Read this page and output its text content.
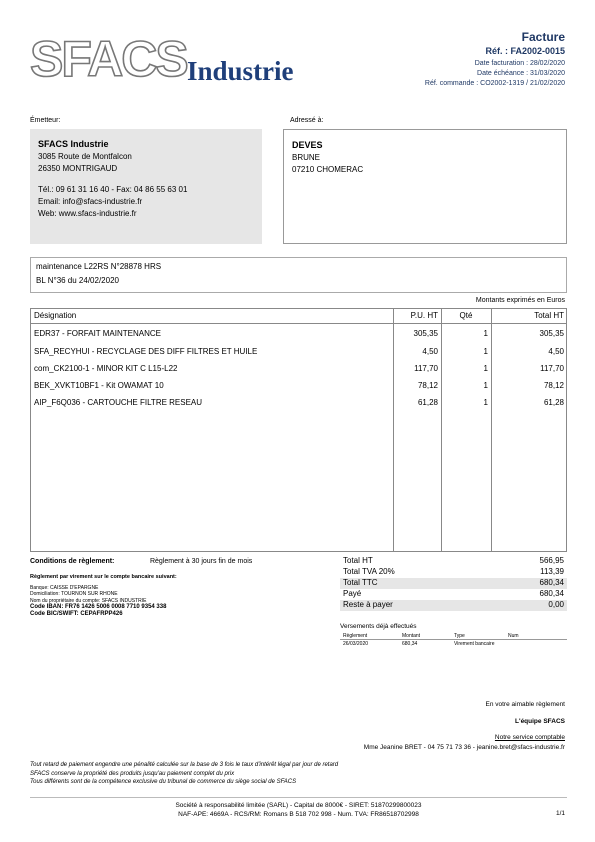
SFACS Industrie
Facture
Réf. : FA2002-0015
Date facturation : 28/02/2020
Date échéance : 31/03/2020
Réf. commande : CO2002-1319 / 21/02/2020
Émetteur:	Adressé à:
SFACS Industrie
3085 Route de Montfalcon
26350 MONTRIGAUD
Tél.: 09 61 31 16 40 - Fax: 04 86 55 63 01
Email: info@sfacs-industrie.fr
Web: www.sfacs-industrie.fr
DEVES
BRUNE
07210 CHOMERAC
maintenance L22RS N°28878 HRS
BL N°36 du 24/02/2020
Montants exprimés en Euros
Désignation	P.U. HT	Qté	Total HT
EDR37 - FORFAIT MAINTENANCE	305,35	1	305,35
SFA_RECYHUI - RECYCLAGE DES DIFF FILTRES ET HUILE	4,50	1	4,50
com_CK2100-1 - MINOR KIT C L15-L22	117,70	1	117,70
BEK_XVKT10BF1 - Kit OWAMAT 10	78,12	1	78,12
AIP_F6Q036 - CARTOUCHE FILTRE RESEAU	61,28	1	61,28
Conditions de règlement:	Règlement à 30 jours fin de mois
Règlement par virement sur le compte bancaire suivant:
Banque: CAISSE D'EPARGNE
Domiciliation: TOURNON SUR RHONE
Nom du propriétaire du compte: SFACS INDUSTRIE
Code IBAN: FR76 1426 5006 0008 7710 9354 338
Code BIC/SWIFT: CEPAFRPP426
Total HT	566,95
Total TVA 20%	113,39
Total TTC	680,34
Payé	680,34
Reste à payer	0,00
Versements déjà effectués
Règlement	Montant	Type	Num
26/03/2020	680,34	Virement bancaire
En votre aimable règlement
L'équipe SFACS
Notre service comptable
Mme Jeanine BRET - 04 75 71 73 36 - jeanine.bret@sfacs-industrie.fr
Tout retard de paiement engendre une pénalité calculée sur la base de 3 fois le taux d'intérêt légal par jour de retard
SFACS conserve la propriété des produits jusqu'au paiement complet du prix
Tous différents sont de la compétence exclusive du tribunal de commerce du siège social de SFACS
Société à responsabilité limitée (SARL) - Capital de 8000€ - SIRET: 51870299800023
NAF-APE: 4669A - RCS/RM: Romans B 518 702 998 - Num. TVA: FR86518702998	1/1
